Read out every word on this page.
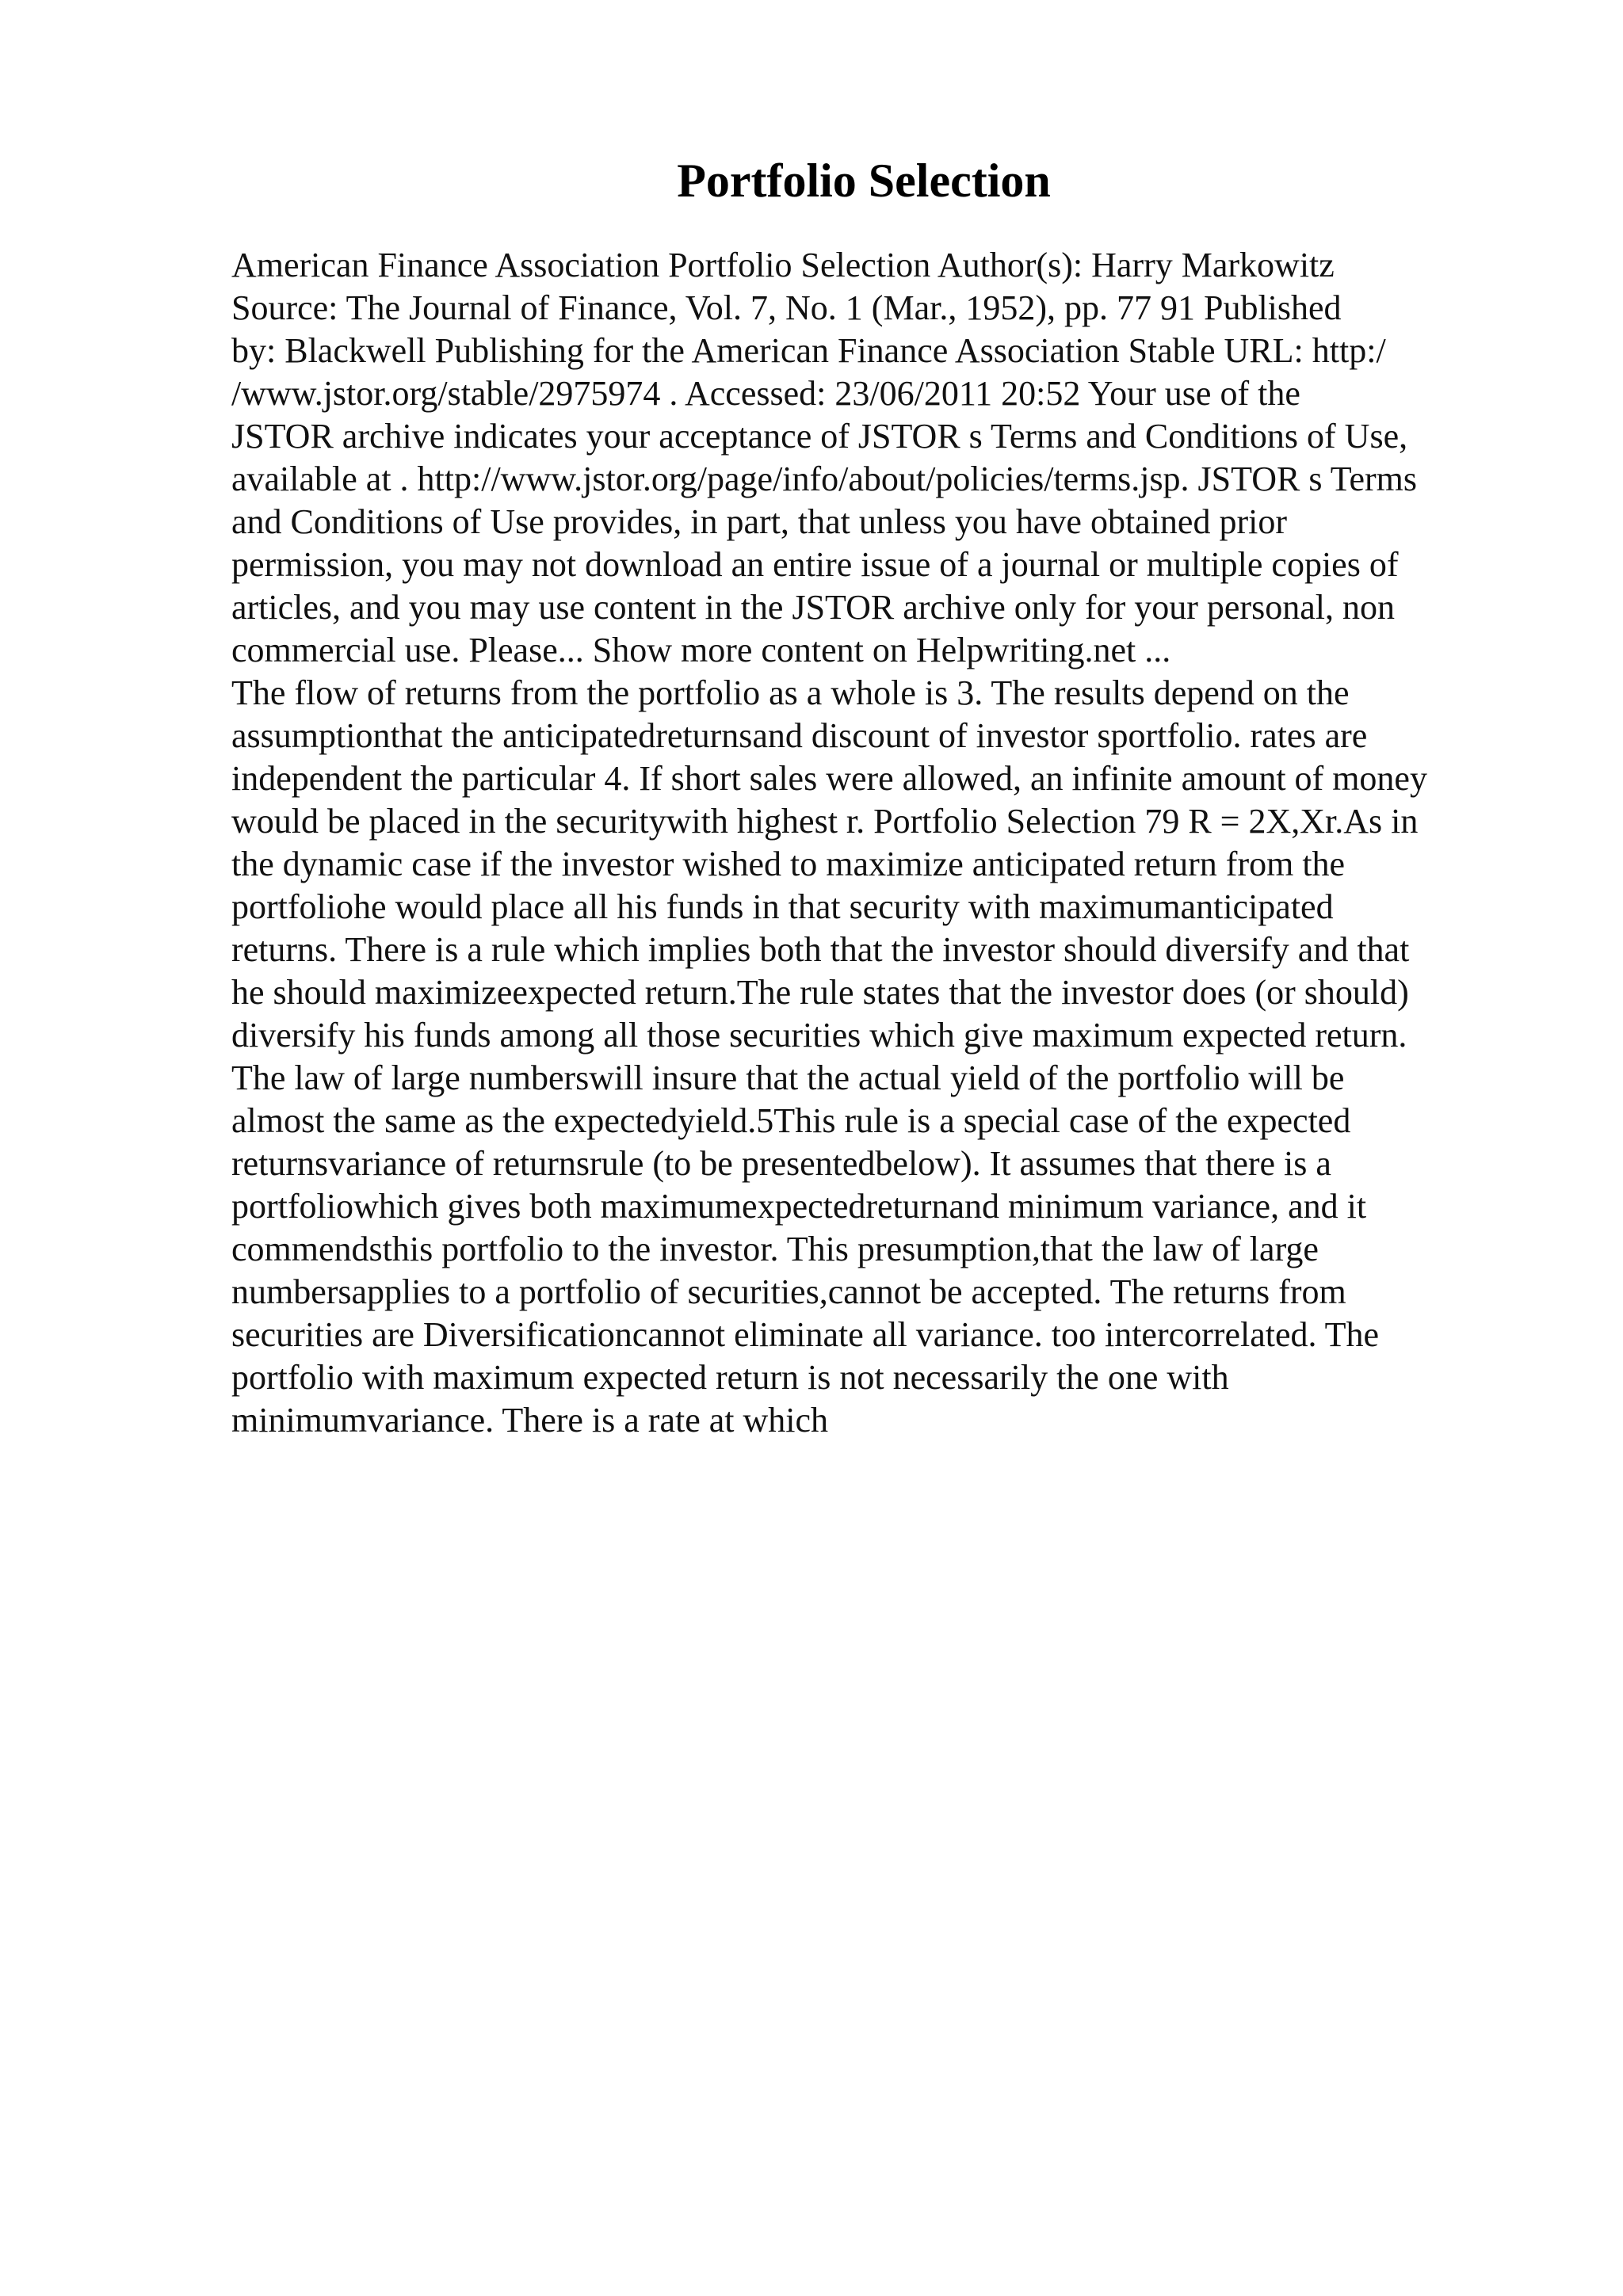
Portfolio Selection

American Finance Association Portfolio Selection Author(s): Harry Markowitz
Source: The Journal of Finance, Vol. 7, No. 1 (Mar., 1952), pp. 77 91 Published
by: Blackwell Publishing for the American Finance Association Stable URL: http:/
/www.jstor.org/stable/2975974 . Accessed: 23/06/2011 20:52 Your use of the
JSTOR archive indicates your acceptance of JSTOR s Terms and Conditions of Use,
available at . http://www.jstor.org/page/info/about/policies/terms.jsp. JSTOR s Terms
and Conditions of Use provides, in part, that unless you have obtained prior
permission, you may not download an entire issue of a journal or multiple copies of
articles, and you may use content in the JSTOR archive only for your personal, non
commercial use. Please... Show more content on Helpwriting.net ...

The flow of returns from the portfolio as a whole is 3. The results depend on the
assumptionthat the anticipatedreturnsand discount of investor sportfolio. rates are
independent the particular 4. If short sales were allowed, an infinite amount of money
would be placed in the securitywith highest r. Portfolio Selection 79 R = 2X,Xr.As in
the dynamic case if the investor wished to maximize anticipated return from the
portfoliohe would place all his funds in that security with maximumanticipated
returns. There is a rule which implies both that the investor should diversify and that
he should maximizeexpected return.The rule states that the investor does (or should)
diversify his funds among all those securities which give maximum expected return.
The law of large numberswill insure that the actual yield of the portfolio will be
almost the same as the expectedyield.5This rule is a special case of the expected
returnsvariance of returnsrule (to be presentedbelow). It assumes that there is a
portfoliowhich gives both maximumexpectedreturnand minimum variance, and it
commendsthis portfolio to the investor. This presumption,that the law of large
numbersapplies to a portfolio of securities,cannot be accepted. The returns from
securities are Diversificationcannot eliminate all variance. too intercorrelated. The
portfolio with maximum expected return is not necessarily the one with
minimumvariance. There is a rate at which
